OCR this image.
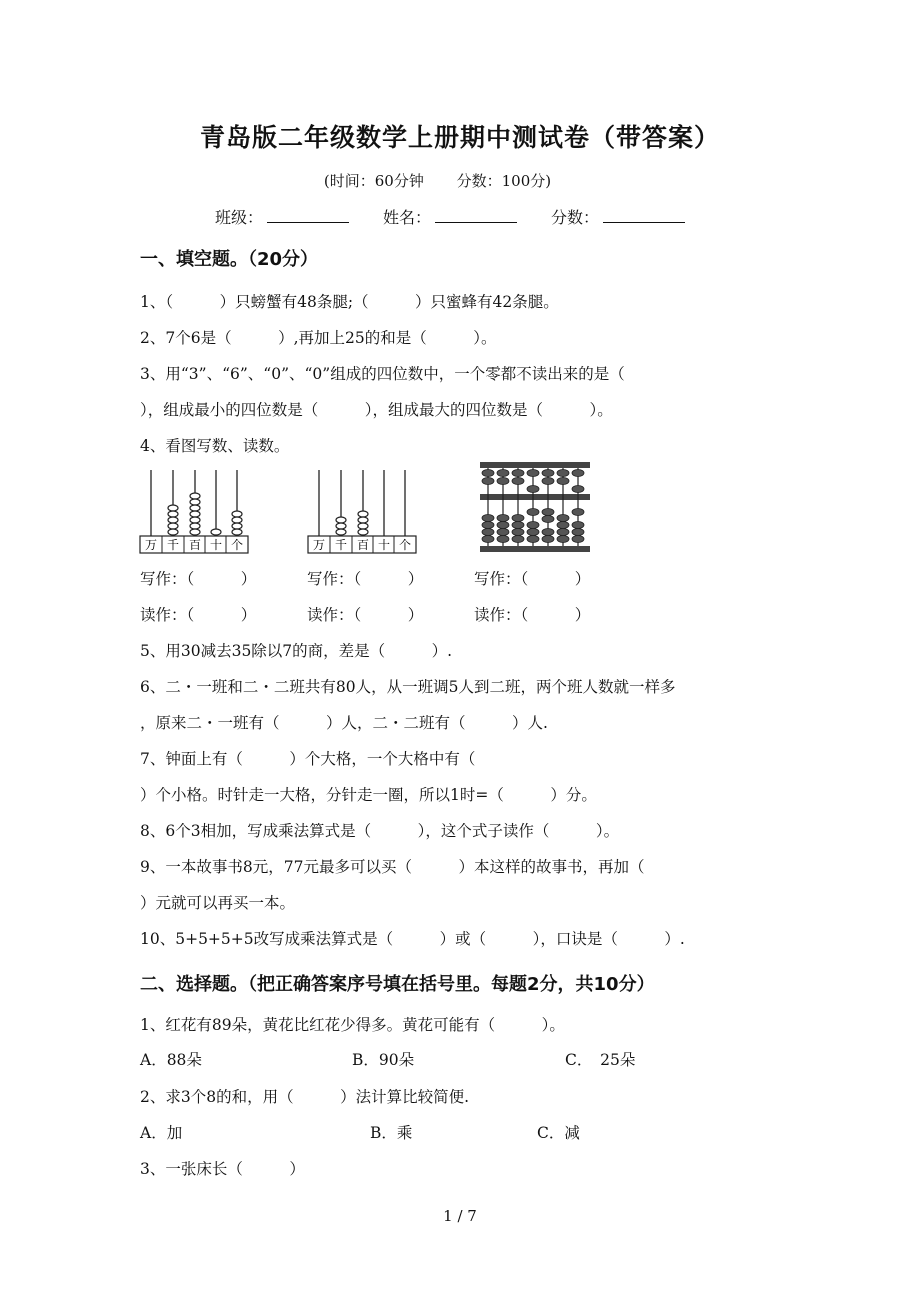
青岛版二年级数学上册期中测试卷（带答案）
(时间：60分钟 分数：100分)
班级：	姓名：	分数：
一、填空题。（20分）
1、（　　　）只螃蟹有48条腿;（　　　）只蜜蜂有42条腿。
2、7个6是（　　　）,再加上25的和是（　　　）。
3、用“3”、“6”、“0”、“0”组成的四位数中，一个零都不读出来的是（
），组成最小的四位数是（　　　），组成最大的四位数是（　　　）。
4、看图写数、读数。
万 千 百 十 个	万 千 百 十 个
写作：（　　　）	写作：（　　　）	写作：（　　　）
读作：（　　　）	读作：（　　　）	读作：（　　　）
5、用30减去35除以7的商，差是（　　　）.
6、二・一班和二・二班共有80人，从一班调5人到二班，两个班人数就一样多
，原来二・一班有（　　　）人，二・二班有（　　　）人.
7、钟面上有（　　　）个大格，一个大格中有（
）个小格。时针走一大格，分针走一圈，所以1时=（　　　）分。
8、6个3相加，写成乘法算式是（　　　），这个式子读作（　　　）。
9、一本故事书8元，77元最多可以买（　　　）本这样的故事书，再加（
）元就可以再买一本。
10、5+5+5+5改写成乘法算式是（　　　）或（　　　），口诀是（　　　）.
二、选择题。（把正确答案序号填在括号里。每题2分，共10分）
1、红花有89朵，黄花比红花少得多。黄花可能有（　　　）。
A．88朵	B．90朵	C．　25朵
2、求3个8的和，用（　　　）法计算比较简便.
A．加	B．乘	C．减
3、一张床长（　　　）
1 / 7
